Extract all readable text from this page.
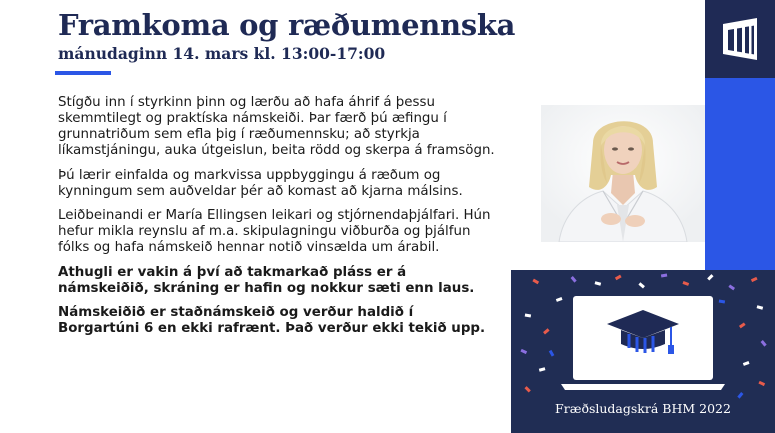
Framkoma og ræðumennska
mánudaginn 14. mars kl. 13:00-17:00

Stígðu inn í styrkinn þinn og lærðu að hafa áhrif á þessu skemmtilegt og praktíska námskeiði. Þar færð þú æfingu í grunnatriðum sem efla þig í ræðumennsku; að styrkja líkamstjáningu, auka útgeislun, beita rödd og skerpa á framsögn.

Þú lærir einfalda og markvissa uppbyggingu á ræðum og kynningum sem auðveldar þér að komast að kjarna málsins.

Leiðbeinandi er María Ellingsen leikari og stjórnendaþjálfari. Hún hefur mikla reynslu af m.a. skipulagningu viðburða og þjálfun fólks og hafa námskeið hennar notið vinsælda um árabil.

Athugli er vakin á því að takmarkað pláss er á námskeiðið, skráning er hafin og nokkur sæti enn laus.

Námskeiðið er staðnámskeið og verður haldið í Borgartúni 6 en ekki rafrænt. Það verður ekki tekið upp.

Fræðsludagskrá BHM 2022
